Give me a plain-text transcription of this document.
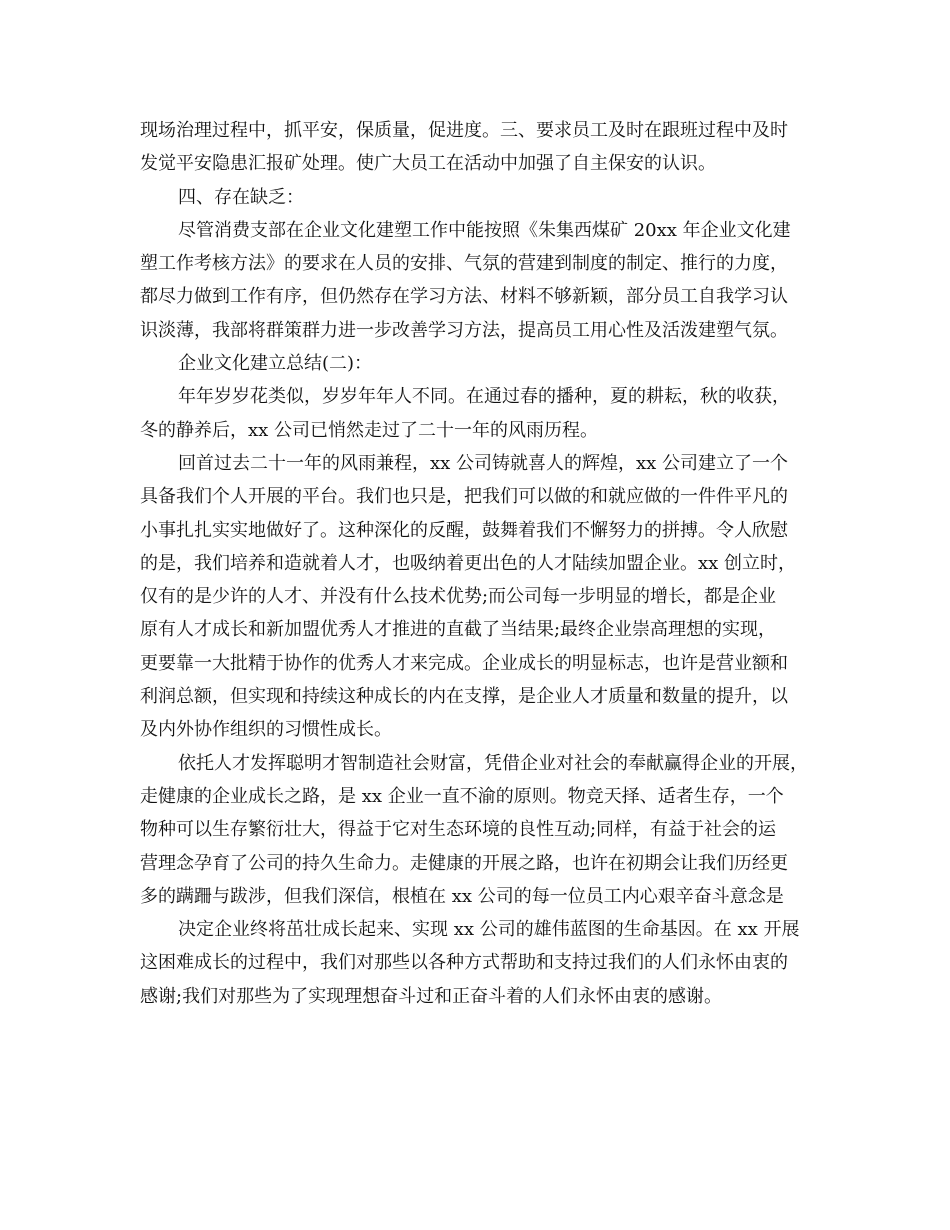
现场治理过程中，抓平安，保质量，促进度。三、要求员工及时在跟班过程中及时
发觉平安隐患汇报矿处理。使广大员工在活动中加强了自主保安的认识。
四、存在缺乏：
尽管消费支部在企业文化建塑工作中能按照《朱集西煤矿 20xx 年企业文化建
塑工作考核方法》的要求在人员的安排、气氛的营建到制度的制定、推行的力度，
都尽力做到工作有序，但仍然存在学习方法、材料不够新颖，部分员工自我学习认
识淡薄，我部将群策群力进一步改善学习方法，提高员工用心性及活泼建塑气氛。
企业文化建立总结(二)：
年年岁岁花类似，岁岁年年人不同。在通过春的播种，夏的耕耘，秋的收获，
冬的静养后，xx 公司已悄然走过了二十一年的风雨历程。
回首过去二十一年的风雨兼程，xx 公司铸就喜人的辉煌，xx 公司建立了一个
具备我们个人开展的平台。我们也只是，把我们可以做的和就应做的一件件平凡的
小事扎扎实实地做好了。这种深化的反醒，鼓舞着我们不懈努力的拼搏。令人欣慰
的是，我们培养和造就着人才，也吸纳着更出色的人才陆续加盟企业。xx 创立时，
仅有的是少许的人才、并没有什么技术优势;而公司每一步明显的增长，都是企业
原有人才成长和新加盟优秀人才推进的直截了当结果;最终企业崇高理想的实现，
更要靠一大批精于协作的优秀人才来完成。企业成长的明显标志，也许是营业额和
利润总额，但实现和持续这种成长的内在支撑，是企业人才质量和数量的提升，以
及内外协作组织的习惯性成长。
依托人才发挥聪明才智制造社会财富，凭借企业对社会的奉献赢得企业的开展，
走健康的企业成长之路，是 xx 企业一直不渝的原则。物竞天择、适者生存，一个
物种可以生存繁衍壮大，得益于它对生态环境的良性互动;同样，有益于社会的运
营理念孕育了公司的持久生命力。走健康的开展之路，也许在初期会让我们历经更
多的蹒跚与跋涉，但我们深信，根植在 xx 公司的每一位员工内心艰辛奋斗意念是
决定企业终将茁壮成长起来、实现 xx 公司的雄伟蓝图的生命基因。在 xx 开展
这困难成长的过程中，我们对那些以各种方式帮助和支持过我们的人们永怀由衷的
感谢;我们对那些为了实现理想奋斗过和正奋斗着的人们永怀由衷的感谢。
